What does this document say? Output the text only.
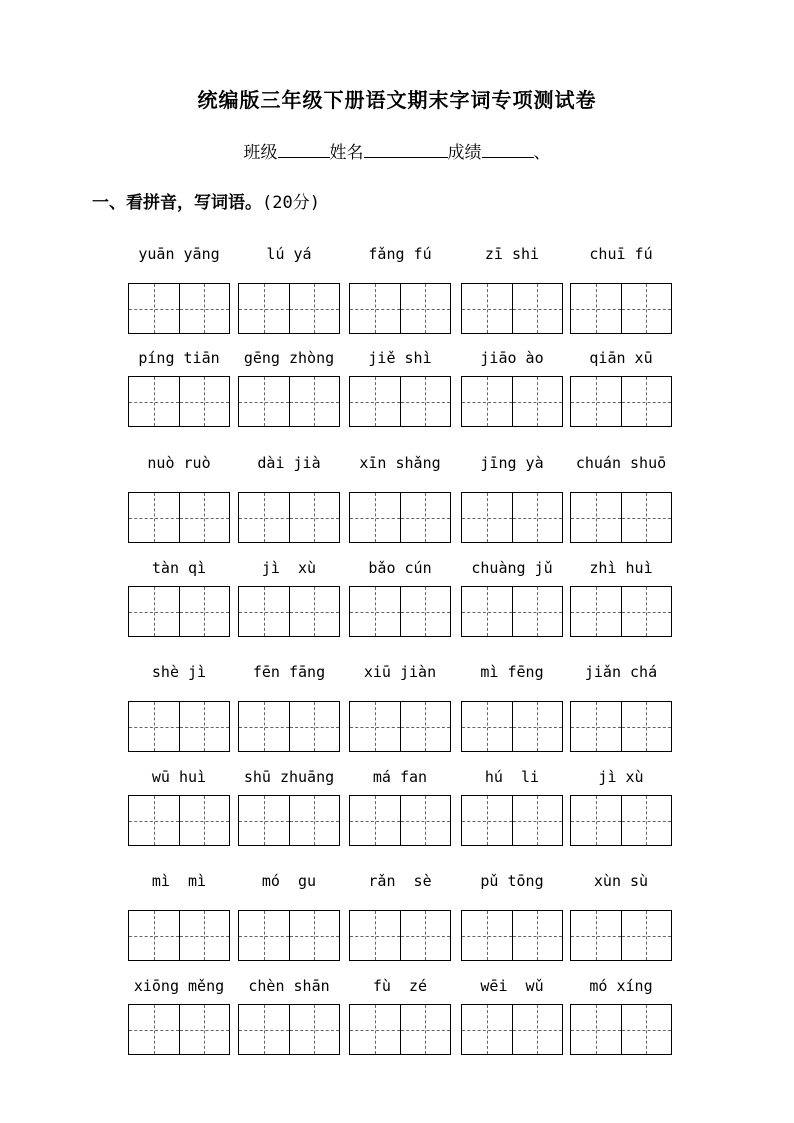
统编版三年级下册语文期末字词专项测试卷
班级	姓名	成绩	、
一、看拼音，写词语。(20分)
yuān yāng	lú yá	fǎng fú	zī shi	chuī fú
píng tiān	gēng zhòng	jiě shì	jiāo ào	qiān xū
nuò ruò	dài jià	xīn shǎng	jīng yà	chuán shuō
tàn qì	jì  xù	bǎo cún	chuàng jǔ	zhì huì
shè jì	fēn fāng	xiū jiàn	mì fēng	jiǎn chá
wū huì	shū zhuāng	má fan	hú  li	jì xù
mì  mì	mó  gu	rǎn  sè	pǔ tōng	xùn sù
xiōng měng	chèn shān	fù  zé	wēi  wǔ	mó xíng
